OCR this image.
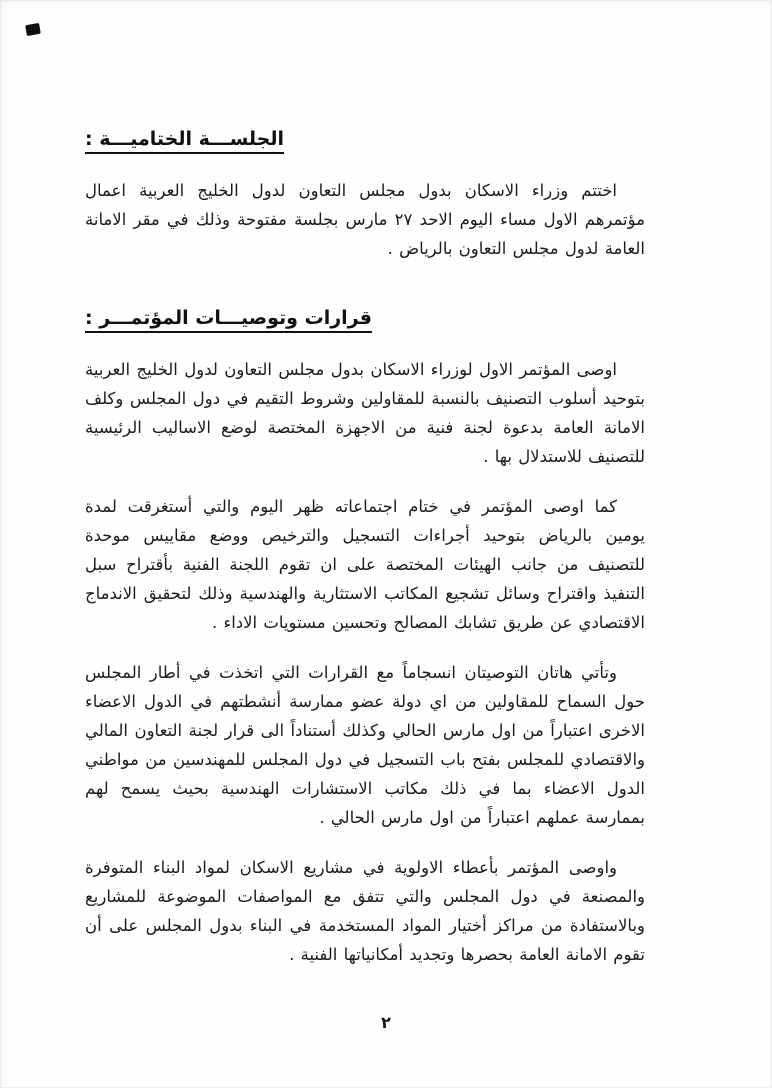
الجلســـة الختاميـــة :

اختتم وزراء الاسكان بدول مجلس التعاون لدول الخليج العربية اعمال مؤتمرهم الاول مساء اليوم الاحد ٢٧ مارس بجلسة مفتوحة وذلك في مقر الامانة العامة لدول مجلس التعاون بالرياض .

قرارات وتوصيـــات المؤتمـــر :

اوصى المؤتمر الاول لوزراء الاسكان بدول مجلس التعاون لدول الخليج العربية بتوحيد أسلوب التصنيف بالنسبة للمقاولين وشروط التقيم في دول المجلس وكلف الامانة العامة بدعوة لجنة فنية من الاجهزة المختصة لوضع الاساليب الرئيسية للتصنيف للاستدلال بها .

كما اوصى المؤتمر في ختام اجتماعاته ظهر اليوم والتي أستغرقت لمدة يومين بالرياض بتوحيد أجراءات التسجيل والترخيص ووضع مقاييس موحدة للتصنيف من جانب الهيئات المختصة على ان تقوم اللجنة الفنية بأقتراح سبل التنفيذ واقتراح وسائل تشجيع المكاتب الاستثارية والهندسية وذلك لتحقيق الاندماج الاقتصادي عن طريق تشابك المصالح وتحسين مستويات الاداء .

وتأتي هاتان التوصيتان انسجاماً مع القرارات التي اتخذت في أطار المجلس حول السماح للمقاولين من اي دولة عضو ممارسة أنشطتهم في الدول الاعضاء الاخرى اعتباراً من اول مارس الحالي وكذلك أستناداً الى قرار لجنة التعاون المالي والاقتصادي للمجلس بفتح باب التسجيل في دول المجلس للمهندسين من مواطني الدول الاعضاء بما في ذلك مكاتب الاستشارات الهندسية بحيث يسمح لهم بممارسة عملهم اعتباراً من اول مارس الحالي .

واوصى المؤتمر بأعطاء الاولوية في مشاريع الاسكان لمواد البناء المتوفرة والمصنعة في دول المجلس والتي تتفق مع المواصفات الموضوعة للمشاريع وبالاستفادة من مراكز أختيار المواد المستخدمة في البناء بدول المجلس على أن تقوم الامانة العامة بحصرها وتجديد أمكانياتها الفنية .

٢
